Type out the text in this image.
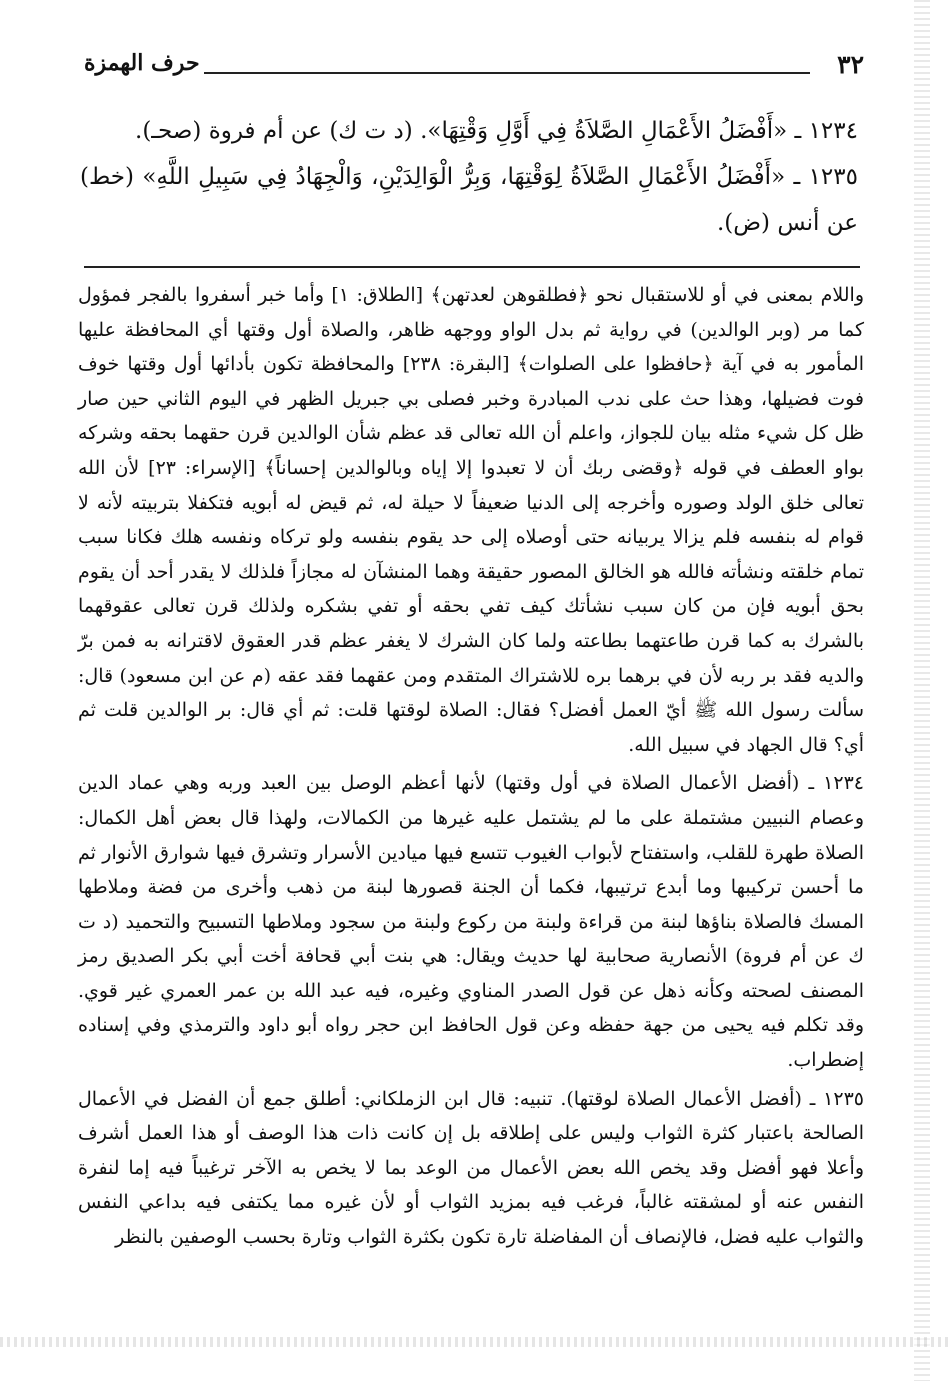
٣٢
حرف الهمزة

١٢٣٤ ـ «أَفْضَلُ الأَعْمَالِ الصَّلاَةُ فِي أَوَّلِ وَقْتِهَا». (د ت ك) عن أم فروة (صحـ).

١٢٣٥ ـ «أَفْضَلُ الأَعْمَالِ الصَّلاَةُ لِوَقْتِهَا، وَبِرُّ الْوَالِدَيْنِ، وَالْجِهَادُ فِي سَبِيلِ اللَّهِ» (خط) عن أنس (ض).

واللام بمعنى في أو للاستقبال نحو ﴿فطلقوهن لعدتهن﴾ [الطلاق: ١] وأما خبر أسفروا بالفجر فمؤول كما مر (وبر الوالدين) في رواية ثم بدل الواو ووجهه ظاهر، والصلاة أول وقتها أي المحافظة عليها المأمور به في آية ﴿حافظوا على الصلوات﴾ [البقرة: ٢٣٨] والمحافظة تكون بأدائها أول وقتها خوف فوت فضيلها، وهذا حث على ندب المبادرة وخبر فصلى بي جبريل الظهر في اليوم الثاني حين صار ظل كل شيء مثله بيان للجواز، واعلم أن الله تعالى قد عظم شأن الوالدين قرن حقهما بحقه وشركه بواو العطف في قوله ﴿وقضى ربك أن لا تعبدوا إلا إياه وبالوالدين إحساناً﴾ [الإسراء: ٢٣] لأن الله تعالى خلق الولد وصوره وأخرجه إلى الدنيا ضعيفاً لا حيلة له، ثم قيض له أبويه فتكفلا بتربيته لأنه لا قوام له بنفسه فلم يزالا يربيانه حتى أوصلاه إلى حد يقوم بنفسه ولو تركاه ونفسه هلك فكانا سبب تمام خلقته ونشأته فالله هو الخالق المصور حقيقة وهما المنشآن له مجازاً فلذلك لا يقدر أحد أن يقوم بحق أبويه فإن من كان سبب نشأتك كيف تفي بحقه أو تفي بشكره ولذلك قرن تعالى عقوقهما بالشرك به كما قرن طاعتهما بطاعته ولما كان الشرك لا يغفر عظم قدر العقوق لاقترانه به فمن برّ والديه فقد بر ربه لأن في برهما بره للاشتراك المتقدم ومن عقهما فقد عقه (م عن ابن مسعود) قال: سألت رسول الله ﷺ أيّ العمل أفضل؟ فقال: الصلاة لوقتها قلت: ثم أي قال: بر الوالدين قلت ثم أي؟ قال الجهاد في سبيل الله.

١٢٣٤ ـ (أفضل الأعمال الصلاة في أول وقتها) لأنها أعظم الوصل بين العبد وربه وهي عماد الدين وعصام النبيين مشتملة على ما لم يشتمل عليه غيرها من الكمالات، ولهذا قال بعض أهل الكمال: الصلاة طهرة للقلب، واستفتاح لأبواب الغيوب تتسع فيها ميادين الأسرار وتشرق فيها شوارق الأنوار ثم ما أحسن تركيبها وما أبدع ترتيبها، فكما أن الجنة قصورها لبنة من ذهب وأخرى من فضة وملاطها المسك فالصلاة بناؤها لبنة من قراءة ولبنة من ركوع ولبنة من سجود وملاطها التسبيح والتحميد (د ت ك عن أم فروة) الأنصارية صحابية لها حديث ويقال: هي بنت أبي قحافة أخت أبي بكر الصديق رمز المصنف لصحته وكأنه ذهل عن قول الصدر المناوي وغيره، فيه عبد الله بن عمر العمري غير قوي. وقد تكلم فيه يحيى من جهة حفظه وعن قول الحافظ ابن حجر رواه أبو داود والترمذي وفي إسناده إضطراب.

١٢٣٥ ـ (أفضل الأعمال الصلاة لوقتها). تنبيه: قال ابن الزملكاني: أطلق جمع أن الفضل في الأعمال الصالحة باعتبار كثرة الثواب وليس على إطلاقه بل إن كانت ذات هذا الوصف أو هذا العمل أشرف وأعلا فهو أفضل وقد يخص الله بعض الأعمال من الوعد بما لا يخص به الآخر ترغيباً فيه إما لنفرة النفس عنه أو لمشقته غالباً، فرغب فيه بمزيد الثواب أو لأن غيره مما يكتفى فيه بداعي النفس والثواب عليه فضل، فالإنصاف أن المفاضلة تارة تكون بكثرة الثواب وتارة بحسب الوصفين بالنظر
